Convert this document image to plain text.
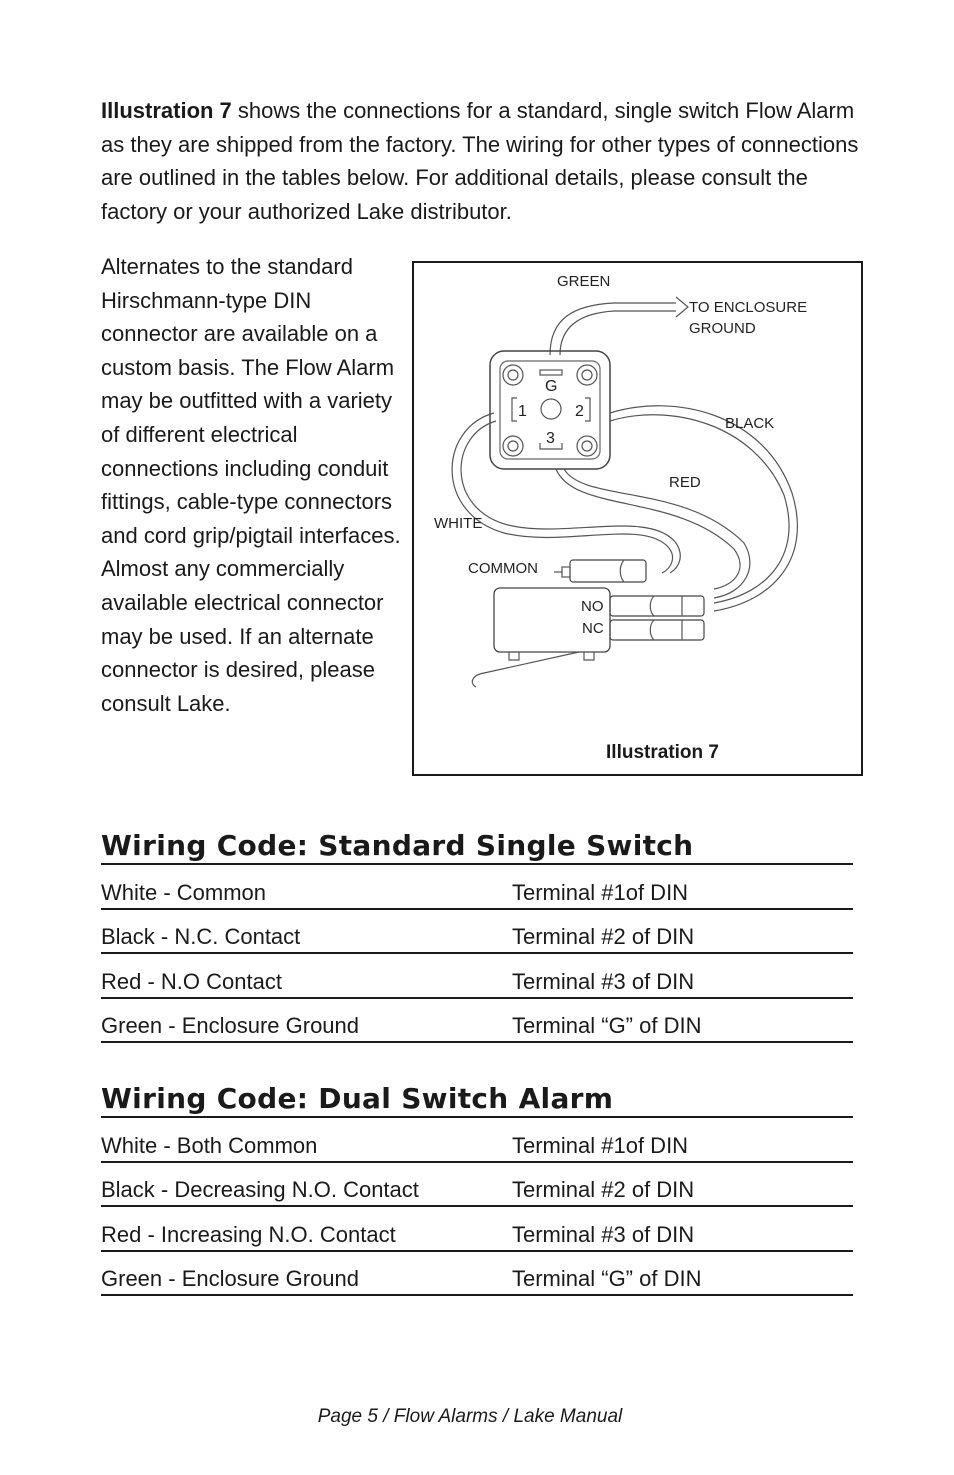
Illustration 7 shows the connections for a standard, single switch Flow Alarm as they are shipped from the factory. The wiring for other types of connections are outlined in the tables below. For additional details, please consult the factory or your authorized Lake distributor.

Alternates to the standard Hirschmann-type DIN connector are available on a custom basis. The Flow Alarm may be outfitted with a variety of different electrical connections including conduit fittings, cable-type connectors and cord grip/pigtail interfaces. Almost any commercially available electrical connector may be used. If an alternate connector is desired, please consult Lake.

GREEN
TO ENCLOSURE
GROUND
BLACK
RED
WHITE
COMMON
NO
NC
G
1	2
3
Illustration 7
Wiring Code: Standard Single Switch
White - Common	Terminal #1of DIN
Black - N.C. Contact	Terminal #2 of DIN
Red - N.O Contact	Terminal #3 of DIN
Green - Enclosure Ground	Terminal “G” of DIN
Wiring Code: Dual Switch Alarm
White - Both Common	Terminal #1of DIN
Black - Decreasing N.O. Contact	Terminal #2 of DIN
Red - Increasing N.O. Contact	Terminal #3 of DIN
Green - Enclosure Ground	Terminal “G” of DIN
Page 5 / Flow Alarms / Lake Manual
